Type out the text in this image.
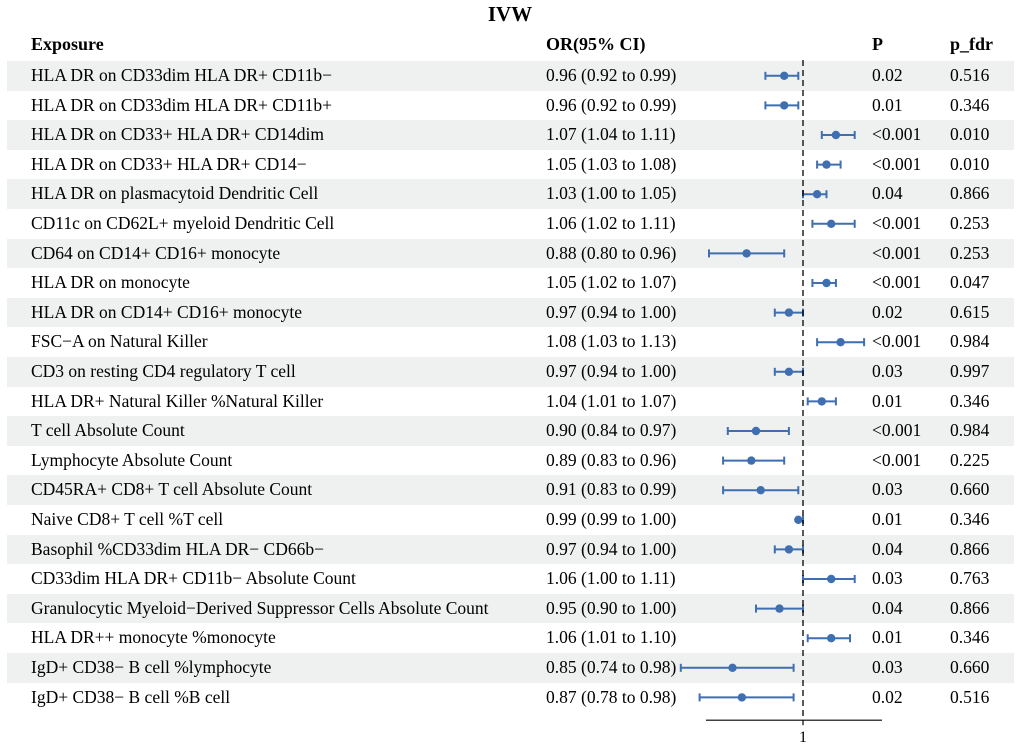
IVW
Exposure	OR(95% CI)	P	p_fdr
HLA DR on CD33dim HLA DR+ CD11b−	0.96 (0.92 to 0.99)	0.02	0.516
HLA DR on CD33dim HLA DR+ CD11b+	0.96 (0.92 to 0.99)	0.01	0.346
HLA DR on CD33+ HLA DR+ CD14dim	1.07 (1.04 to 1.11)	<0.001 0.010
HLA DR on CD33+ HLA DR+ CD14−	1.05 (1.03 to 1.08)	<0.001 0.010
HLA DR on plasmacytoid Dendritic Cell	1.03 (1.00 to 1.05)	0.04	0.866
CD11c on CD62L+ myeloid Dendritic Cell	1.06 (1.02 to 1.11)	<0.001 0.253
CD64 on CD14+ CD16+ monocyte	0.88 (0.80 to 0.96)	<0.001 0.253
HLA DR on monocyte	1.05 (1.02 to 1.07)	<0.001 0.047
HLA DR on CD14+ CD16+ monocyte	0.97 (0.94 to 1.00)	0.02	0.615
FSC−A on Natural Killer	1.08 (1.03 to 1.13)	<0.001 0.984
CD3 on resting CD4 regulatory T cell	0.97 (0.94 to 1.00)	0.03	0.997
HLA DR+ Natural Killer %Natural Killer	1.04 (1.01 to 1.07)	0.01	0.346
T cell Absolute Count	0.90 (0.84 to 0.97)	<0.001 0.984
Lymphocyte Absolute Count	0.89 (0.83 to 0.96)	<0.001 0.225
CD45RA+ CD8+ T cell Absolute Count	0.91 (0.83 to 0.99)	0.03	0.660
Naive CD8+ T cell %T cell	0.99 (0.99 to 1.00)	0.01	0.346
Basophil %CD33dim HLA DR− CD66b−	0.97 (0.94 to 1.00)	0.04	0.866
CD33dim HLA DR+ CD11b− Absolute Count	1.06 (1.00 to 1.11)	0.03	0.763
Granulocytic Myeloid−Derived Suppressor Cells Absolute Count	0.95 (0.90 to 1.00)	0.04	0.866
HLA DR++ monocyte %monocyte	1.06 (1.01 to 1.10)	0.01	0.346
IgD+ CD38− B cell %lymphocyte	0.85 (0.74 to 0.98)	0.03	0.660
IgD+ CD38− B cell %B cell	0.87 (0.78 to 0.98)	0.02	0.516
1
